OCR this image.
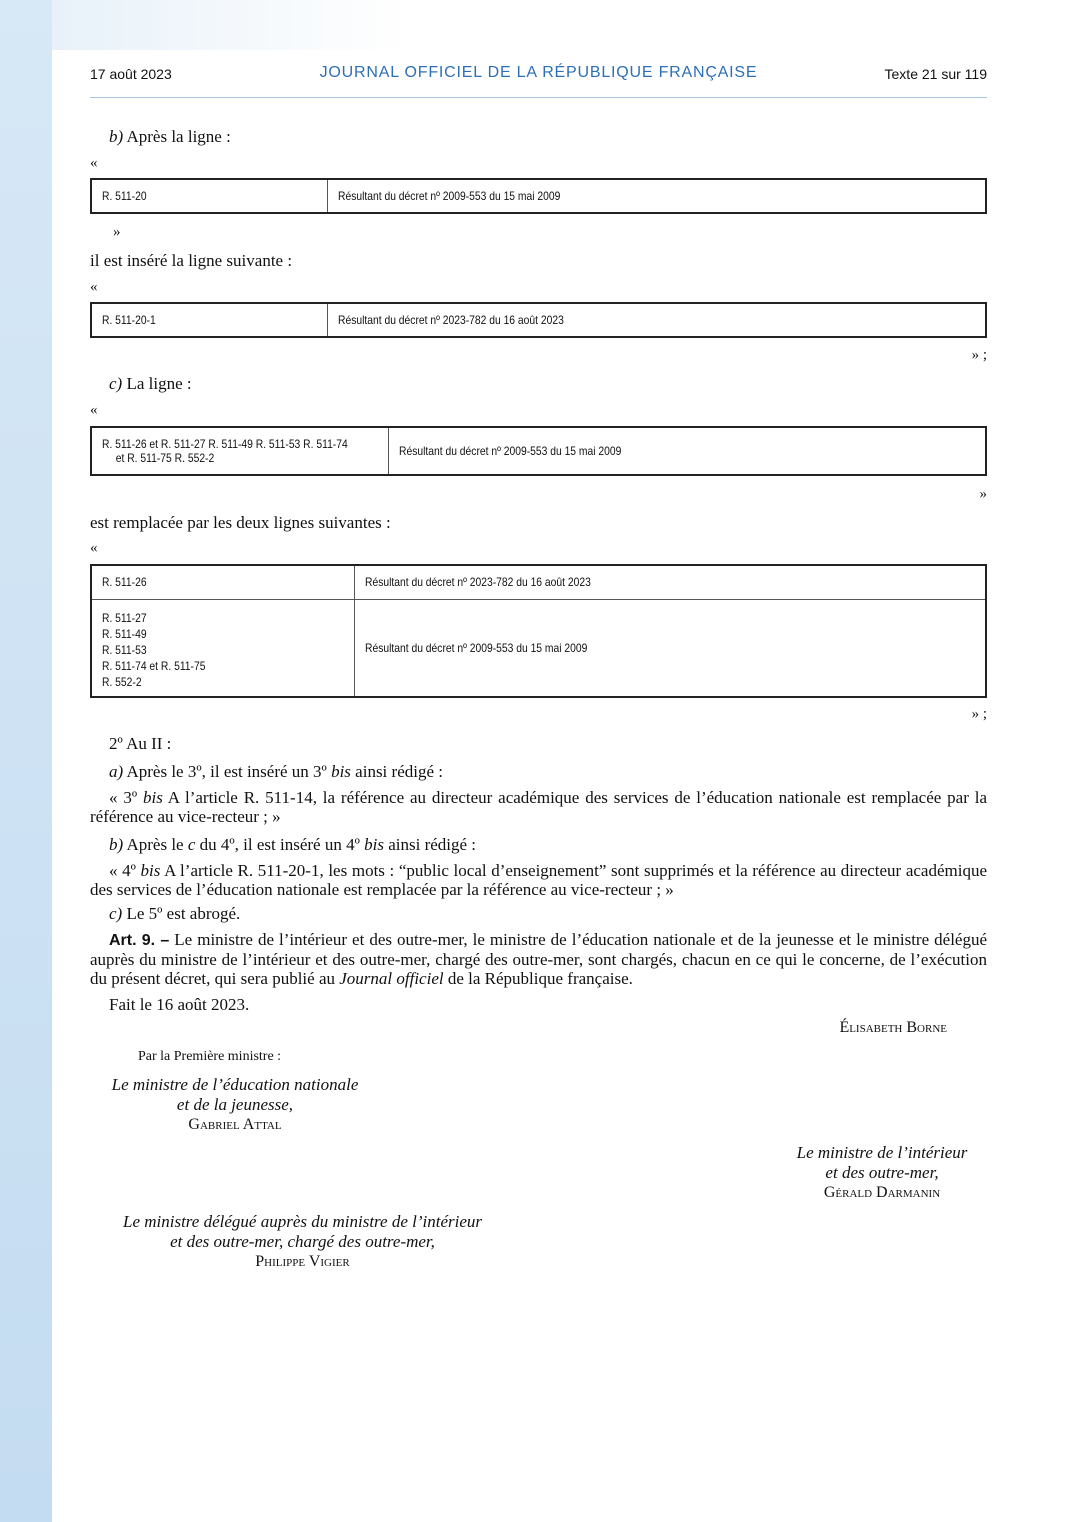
17 août 2023	JOURNAL OFFICIEL DE LA RÉPUBLIQUE FRANÇAISE	Texte 21 sur 119
b) Après la ligne :
«
R. 511-20	Résultant du décret nº 2009-553 du 15 mai 2009
»
il est inséré la ligne suivante :
«
R. 511-20-1	Résultant du décret nº 2023-782 du 16 août 2023
» ;
c) La ligne :
«
R. 511-26 et R. 511-27 R. 511-49 R. 511-53 R. 511-74
et R. 511-75 R. 552-2	Résultant du décret nº 2009-553 du 15 mai 2009
»
est remplacée par les deux lignes suivantes :
«
R. 511-26	Résultant du décret nº 2023-782 du 16 août 2023

R. 511-27
R. 511-49
R. 511-53
R. 511-74 et R. 511-75
R. 552-2	Résultant du décret nº 2009-553 du 15 mai 2009
» ;
2º Au II :
a) Après le 3º, il est inséré un 3º bis ainsi rédigé :
« 3º bis A l’article R. 511-14, la référence au directeur académique des services de l’éducation nationale est remplacée par la référence au vice-recteur ; »
b) Après le c du 4º, il est inséré un 4º bis ainsi rédigé :
« 4º bis A l’article R. 511-20-1, les mots : “public local d’enseignement” sont supprimés et la référence au directeur académique des services de l’éducation nationale est remplacée par la référence au vice-recteur ; »
c) Le 5º est abrogé.
Art. 9. – Le ministre de l’intérieur et des outre-mer, le ministre de l’éducation nationale et de la jeunesse et le ministre délégué auprès du ministre de l’intérieur et des outre-mer, chargé des outre-mer, sont chargés, chacun en ce qui le concerne, de l’exécution du présent décret, qui sera publié au Journal officiel de la République française.
Fait le 16 août 2023.
Élisabeth Borne
Par la Première ministre :
Le ministre de l’éducation nationale
et de la jeunesse,
Gabriel Attal
Le ministre de l’intérieur
et des outre-mer,
Gérald Darmanin
Le ministre délégué auprès du ministre de l’intérieur
et des outre-mer, chargé des outre-mer,
Philippe Vigier
